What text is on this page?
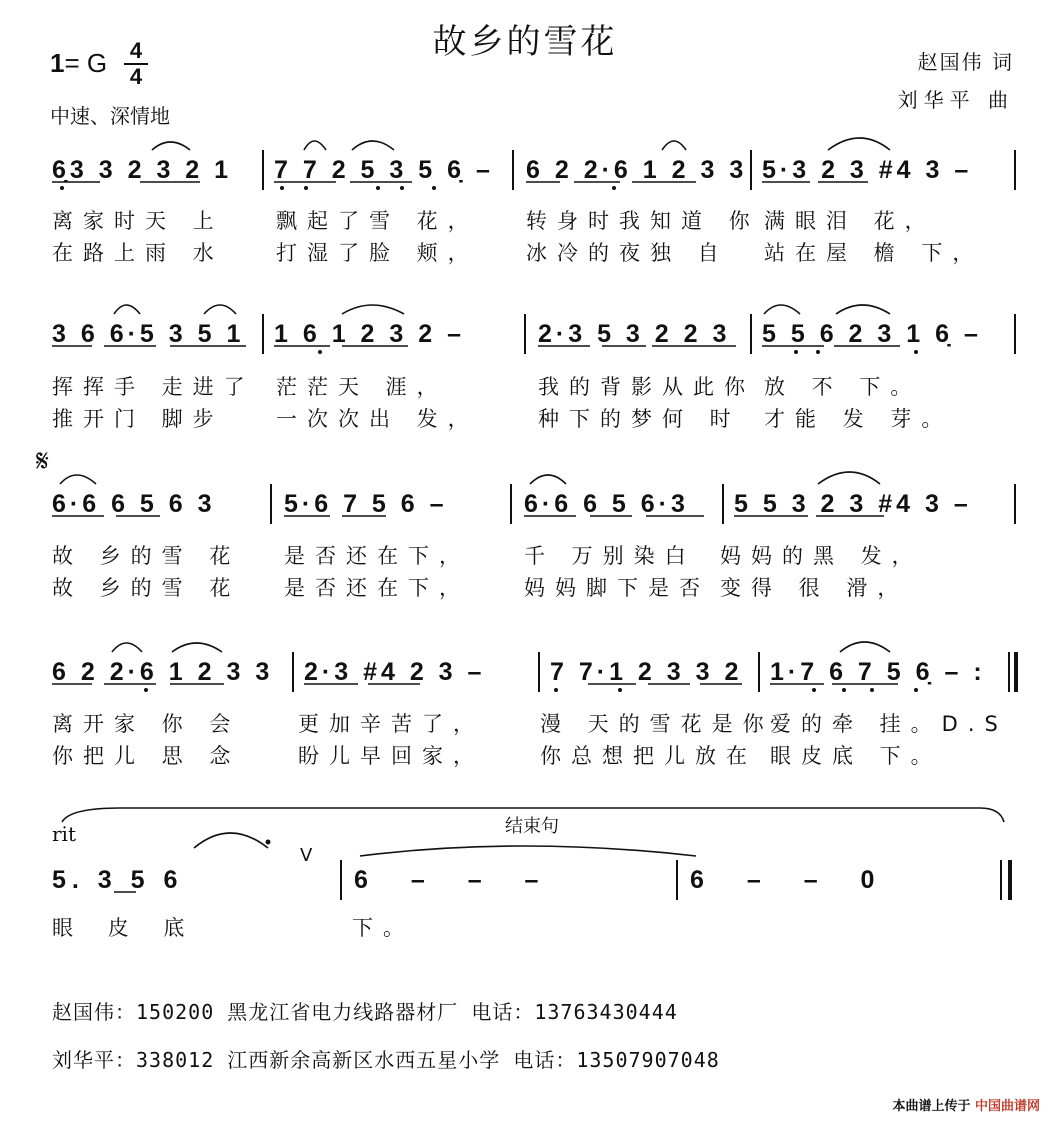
故乡的雪花
1= G 4
4
中速、深情地
赵国伟 词
刘华平 曲
6̣3 3 2 3 2 1 7 7 2 5 3 5 6̣ – 6 2 2·6 1 2 3 3 5·3 2 3 #4 3 –
离家时天 上 飘起了雪 花， 转身时我知道 你 满眼泪 花，
在路上雨 水 打湿了脸 颊， 冰冷的夜独 自 站在屋 檐 下，
3 6 6·5 3 5 1 1 6 1 2 3 2 –	2·3 5 3 2 2 3 5 5 6 2 3 1 6̣ –
挥挥手 走进了 茫茫天 涯，	我的背影从此你 放 不 下。
推开门 脚步 一次次出 发，	种下的梦何 时 才能 发 芽。
𝄋
6·6 6 5 6 3	5·6 7 5 6 –	6·6 6 5 6·3 5 5 3 2 3 #4 3 –
故 乡的雪 花 是否还在下，	千 万别染白 妈妈的黑 发，
故 乡的雪 花 是否还在下，	妈妈脚下是否 变得 很 滑，
6 2 2·6 1 2 3 3 2·3 #4 2 3 –	7 7·1 2 3 3 2 1·7 6 7 5 6̣ – :
离开家 你 会	更加辛苦了，	漫 天的雪花是你
爱的牵 挂。D.S
你把儿 思 念	盼儿早回家，	你总想把儿放在 眼皮底 下。
rit	结束句
V
5. 3 5 6	6 – – –	6 – – 0
眼 皮 底	下。
赵国伟：150200 黑龙江省电力线路器材厂 电话：13763430444
刘华平：338012 江西新余高新区水西五星小学 电话：13507907048
本曲谱上传于 中国曲谱网
